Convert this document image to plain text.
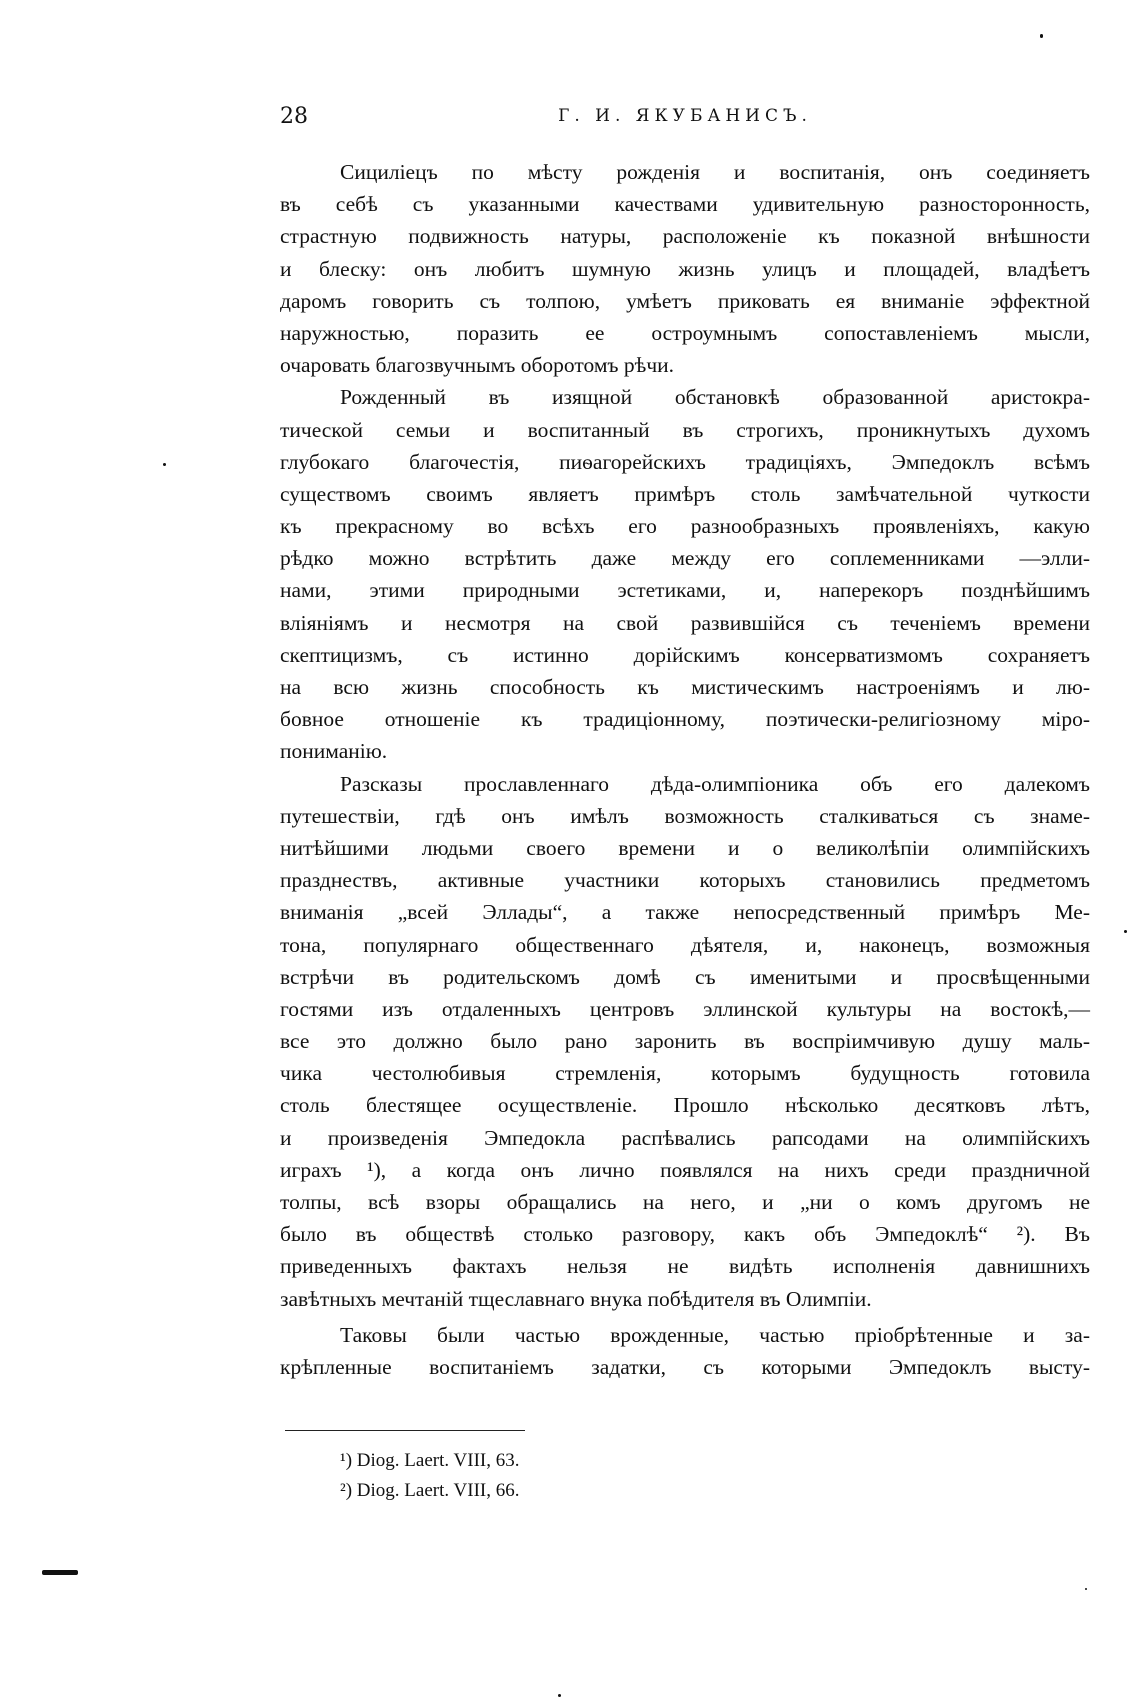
28	Г. И. ЯКУБАНИСЪ.
Сицилiецъ по мѣсту рожденiя и воспитанiя, онъ соединяетъ
въ себѣ съ указанными качествами удивительную разносторонность,
страстную подвижность натуры, расположенiе къ показной внѣшности
и блеску: онъ любитъ шумную жизнь улицъ и площадей, владѣетъ
даромъ говорить съ толпою, умѣетъ приковать ея вниманiе эффектной
наружностью, поразить ее остроумнымъ сопоставленiемъ мысли,
очаровать благозвучнымъ оборотомъ рѣчи.
Рожденный въ изящной обстановкѣ образованной аристокра-
тической семьи и воспитанный въ строгихъ, проникнутыхъ духомъ
глубокаго благочестiя, пиѳагорейскихъ традицiяхъ, Эмпедоклъ всѣмъ
существомъ своимъ являетъ примѣръ столь замѣчательной чуткости
къ прекрасному во всѣхъ его разнообразныхъ проявленiяхъ, какую
рѣдко можно встрѣтить даже между его соплеменниками —элли-
нами, этими природными эстетиками, и, наперекоръ позднѣйшимъ
влiянiямъ и несмотря на свой развившiйся съ теченiемъ времени
скептицизмъ, съ истинно дорiйскимъ консерватизмомъ сохраняетъ
на всю жизнь способность къ мистическимъ настроенiямъ и лю-
бовное отношенiе къ традицiонному, поэтически-религiозному мiро-
пониманiю.
Разсказы прославленнаго дѣда-олимпiоника объ его далекомъ
путешествiи, гдѣ онъ имѣлъ возможность сталкиваться съ знаме-
нитѣйшими людьми своего времени и о великолѣпiи олимпiйскихъ
празднествъ, активные участники которыхъ становились предметомъ
вниманiя „всей Эллады“, а также непосредственный примѣръ Ме-
тона, популярнаго общественнаго дѣятеля, и, наконецъ, возможныя
встрѣчи въ родительскомъ домѣ съ именитыми и просвѣщенными
гостями изъ отдаленныхъ центровъ эллинской культуры на востокѣ,—
все это должно было рано заронить въ воспрiимчивую душу маль-
чика честолюбивыя стремленiя, которымъ будущность готовила
столь блестящее осуществленiе. Прошло нѣсколько десятковъ лѣтъ,
и произведенiя Эмпедокла распѣвались рапсодами на олимпiйскихъ
играхъ ¹), а когда онъ лично появлялся на нихъ среди праздничной
толпы, всѣ взоры обращались на него, и „ни о комъ другомъ не
было въ обществѣ столько разговору, какъ объ Эмпедоклѣ“ ²). Въ
приведенныхъ фактахъ нельзя не видѣть исполненiя давнишнихъ
завѣтныхъ мечтанiй тщеславнаго внука побѣдителя въ Олимпiи.
Таковы были частью врожденные, частью прiобрѣтенные и за-
крѣпленные воспитанiемъ задатки, съ которыми Эмпедоклъ высту-
¹) Diog. Laert. VIII, 63.
²) Diog. Laert. VIII, 66.
